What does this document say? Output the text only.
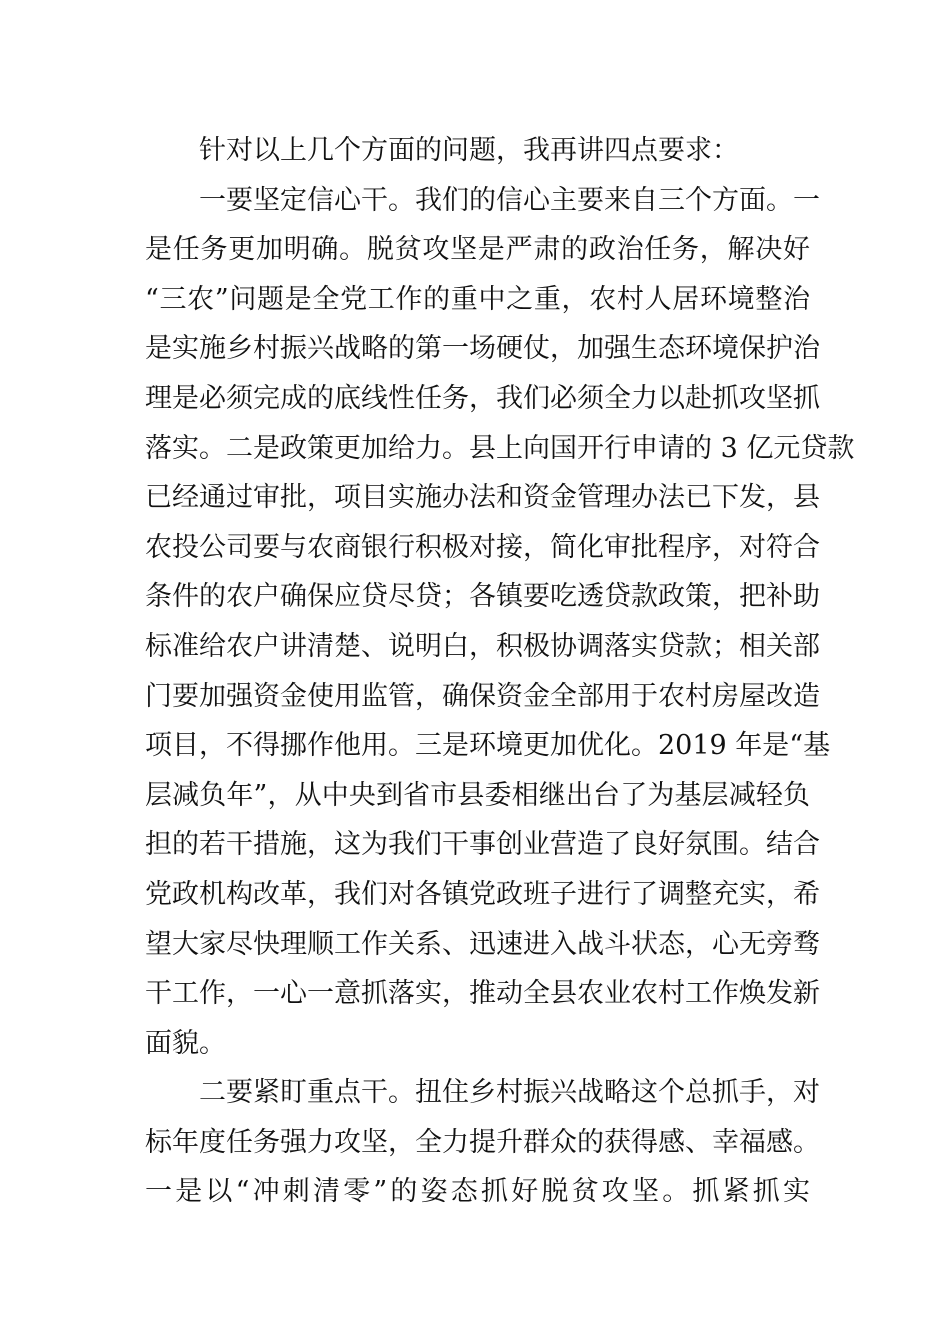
针对以上几个方面的问题，我再讲四点要求：
一要坚定信心干。我们的信心主要来自三个方面。一
是任务更加明确。脱贫攻坚是严肃的政治任务，解决好
“三农”问题是全党工作的重中之重，农村人居环境整治
是实施乡村振兴战略的第一场硬仗，加强生态环境保护治
理是必须完成的底线性任务，我们必须全力以赴抓攻坚抓
落实。二是政策更加给力。县上向国开行申请的 3 亿元贷款
已经通过审批，项目实施办法和资金管理办法已下发，县
农投公司要与农商银行积极对接，简化审批程序，对符合
条件的农户确保应贷尽贷；各镇要吃透贷款政策，把补助
标准给农户讲清楚、说明白，积极协调落实贷款；相关部
门要加强资金使用监管，确保资金全部用于农村房屋改造
项目，不得挪作他用。三是环境更加优化。2019 年是“基
层减负年”，从中央到省市县委相继出台了为基层减轻负
担的若干措施，这为我们干事创业营造了良好氛围。结合
党政机构改革，我们对各镇党政班子进行了调整充实，希
望大家尽快理顺工作关系、迅速进入战斗状态，心无旁骛
干工作，一心一意抓落实，推动全县农业农村工作焕发新
面貌。
二要紧盯重点干。扭住乡村振兴战略这个总抓手，对
标年度任务强力攻坚，全力提升群众的获得感、幸福感。
一是以“冲刺清零”的姿态抓好脱贫攻坚。抓紧抓实
